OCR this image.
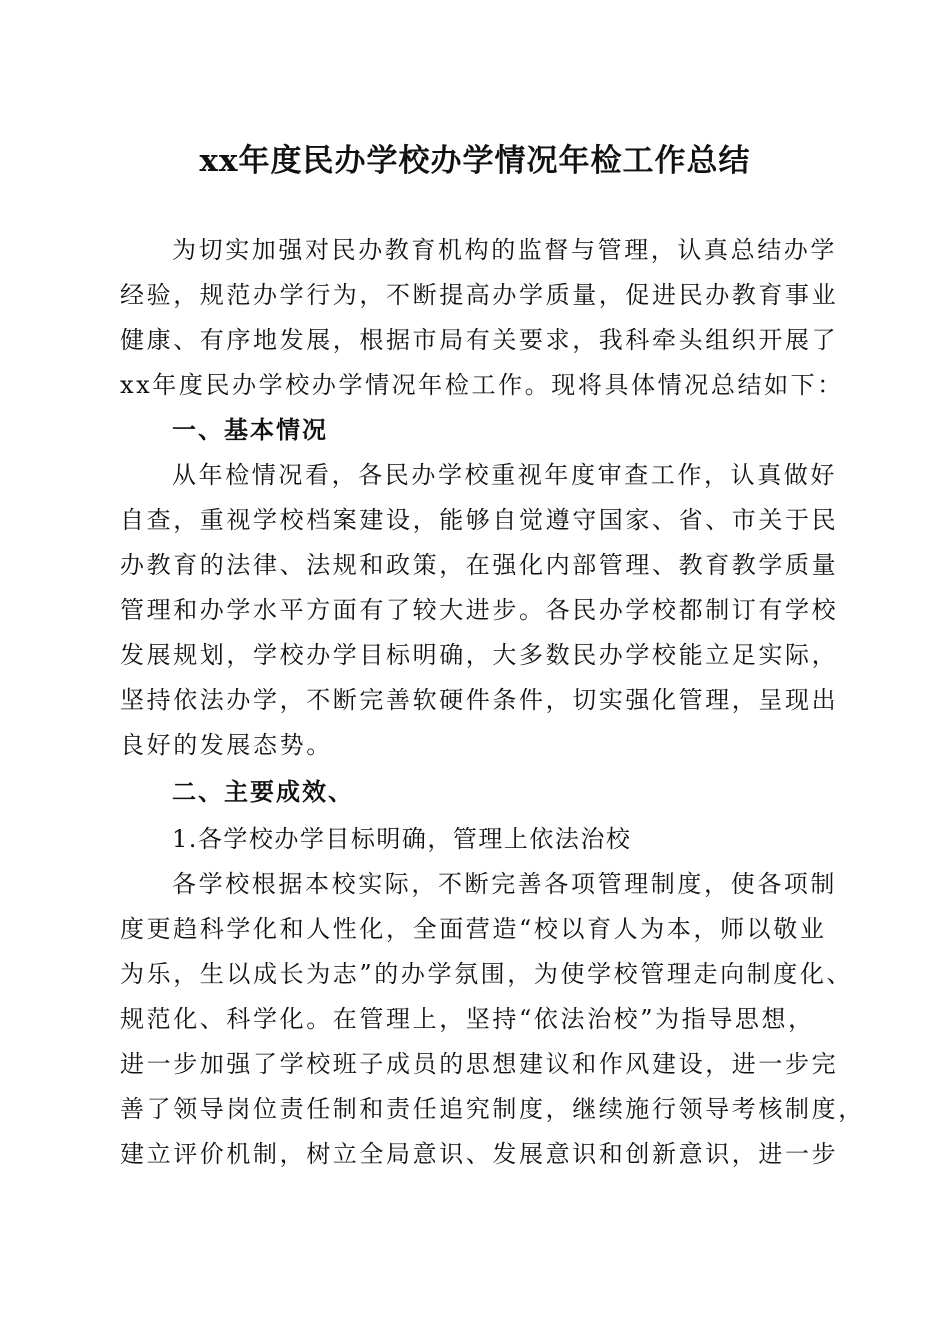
xx年度民办学校办学情况年检工作总结
为切实加强对民办教育机构的监督与管理，认真总结办学
经验，规范办学行为，不断提高办学质量，促进民办教育事业
健康、有序地发展，根据市局有关要求，我科牵头组织开展了
xx年度民办学校办学情况年检工作。现将具体情况总结如下：
一、基本情况
从年检情况看，各民办学校重视年度审查工作，认真做好
自查，重视学校档案建设，能够自觉遵守国家、省、市关于民
办教育的法律、法规和政策，在强化内部管理、教育教学质量
管理和办学水平方面有了较大进步。各民办学校都制订有学校
发展规划，学校办学目标明确，大多数民办学校能立足实际，
坚持依法办学，不断完善软硬件条件，切实强化管理，呈现出
良好的发展态势。
二、主要成效、
1.各学校办学目标明确，管理上依法治校
各学校根据本校实际，不断完善各项管理制度，使各项制
度更趋科学化和人性化，全面营造“校以育人为本，师以敬业
为乐，生以成长为志”的办学氛围，为使学校管理走向制度化、
规范化、科学化。在管理上，坚持“依法治校”为指导思想，
进一步加强了学校班子成员的思想建议和作风建设，进一步完
善了领导岗位责任制和责任追究制度，继续施行领导考核制度，
建立评价机制，树立全局意识、发展意识和创新意识，进一步
